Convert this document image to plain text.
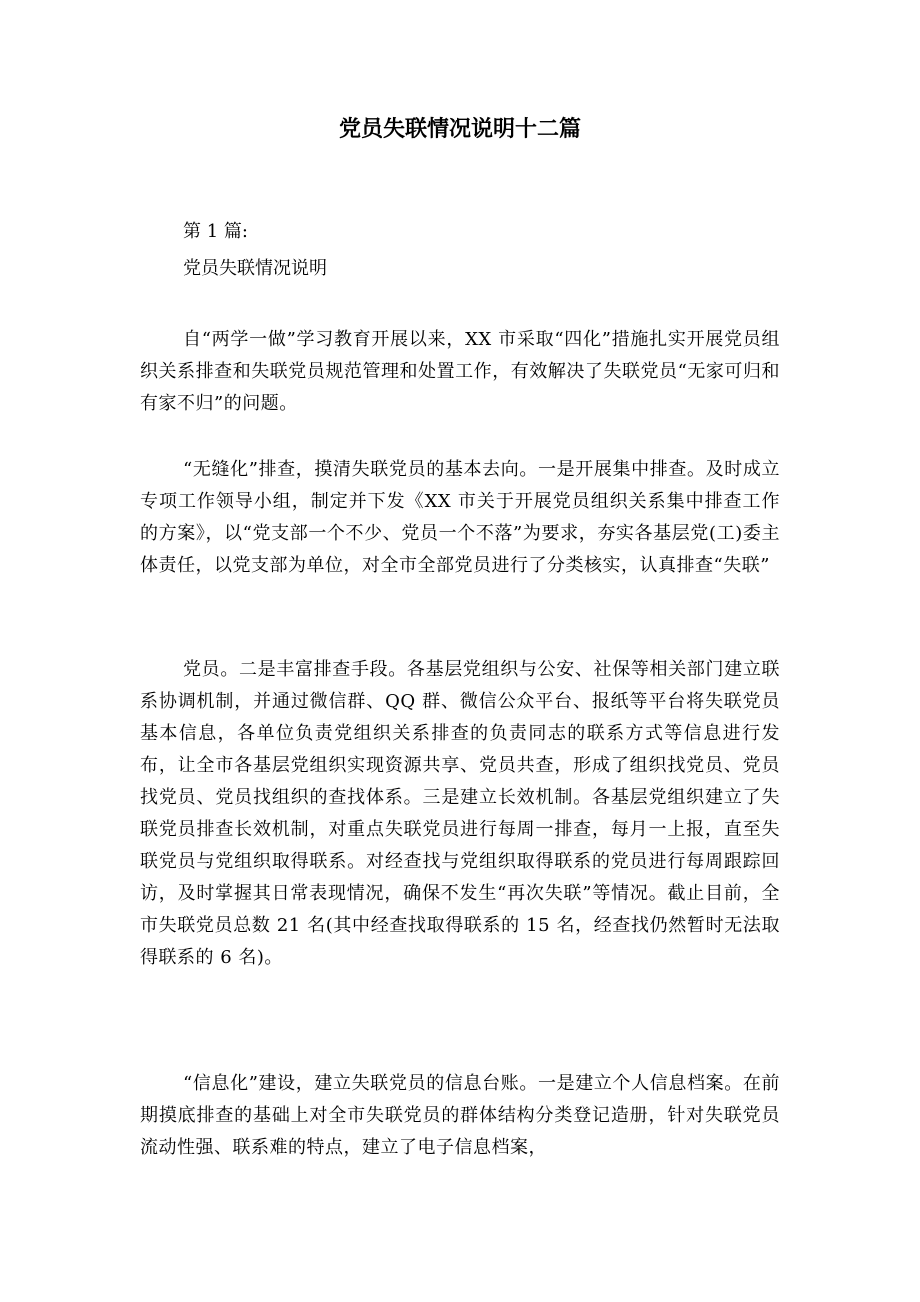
党员失联情况说明十二篇

第 1 篇:

党员失联情况说明

自“两学一做”学习教育开展以来，XX 市采取“四化”措施扎实开展党员组织关系排查和失联党员规范管理和处置工作，有效解决了失联党员“无家可归和有家不归”的问题。

“无缝化”排查，摸清失联党员的基本去向。一是开展集中排查。及时成立专项工作领导小组，制定并下发《XX 市关于开展党员组织关系集中排查工作的方案》，以“党支部一个不少、党员一个不落”为要求，夯实各基层党(工)委主体责任，以党支部为单位，对全市全部党员进行了分类核实，认真排查“失联”

党员。二是丰富排查手段。各基层党组织与公安、社保等相关部门建立联系协调机制，并通过微信群、QQ 群、微信公众平台、报纸等平台将失联党员基本信息，各单位负责党组织关系排查的负责同志的联系方式等信息进行发布，让全市各基层党组织实现资源共享、党员共查，形成了组织找党员、党员找党员、党员找组织的查找体系。三是建立长效机制。各基层党组织建立了失联党员排查长效机制，对重点失联党员进行每周一排查，每月一上报，直至失联党员与党组织取得联系。对经查找与党组织取得联系的党员进行每周跟踪回访，及时掌握其日常表现情况，确保不发生“再次失联”等情况。截止目前，全市失联党员总数 21 名(其中经查找取得联系的 15 名，经查找仍然暂时无法取得联系的 6 名)。

“信息化”建设，建立失联党员的信息台账。一是建立个人信息档案。在前期摸底排查的基础上对全市失联党员的群体结构分类登记造册，针对失联党员流动性强、联系难的特点，建立了电子信息档案，
